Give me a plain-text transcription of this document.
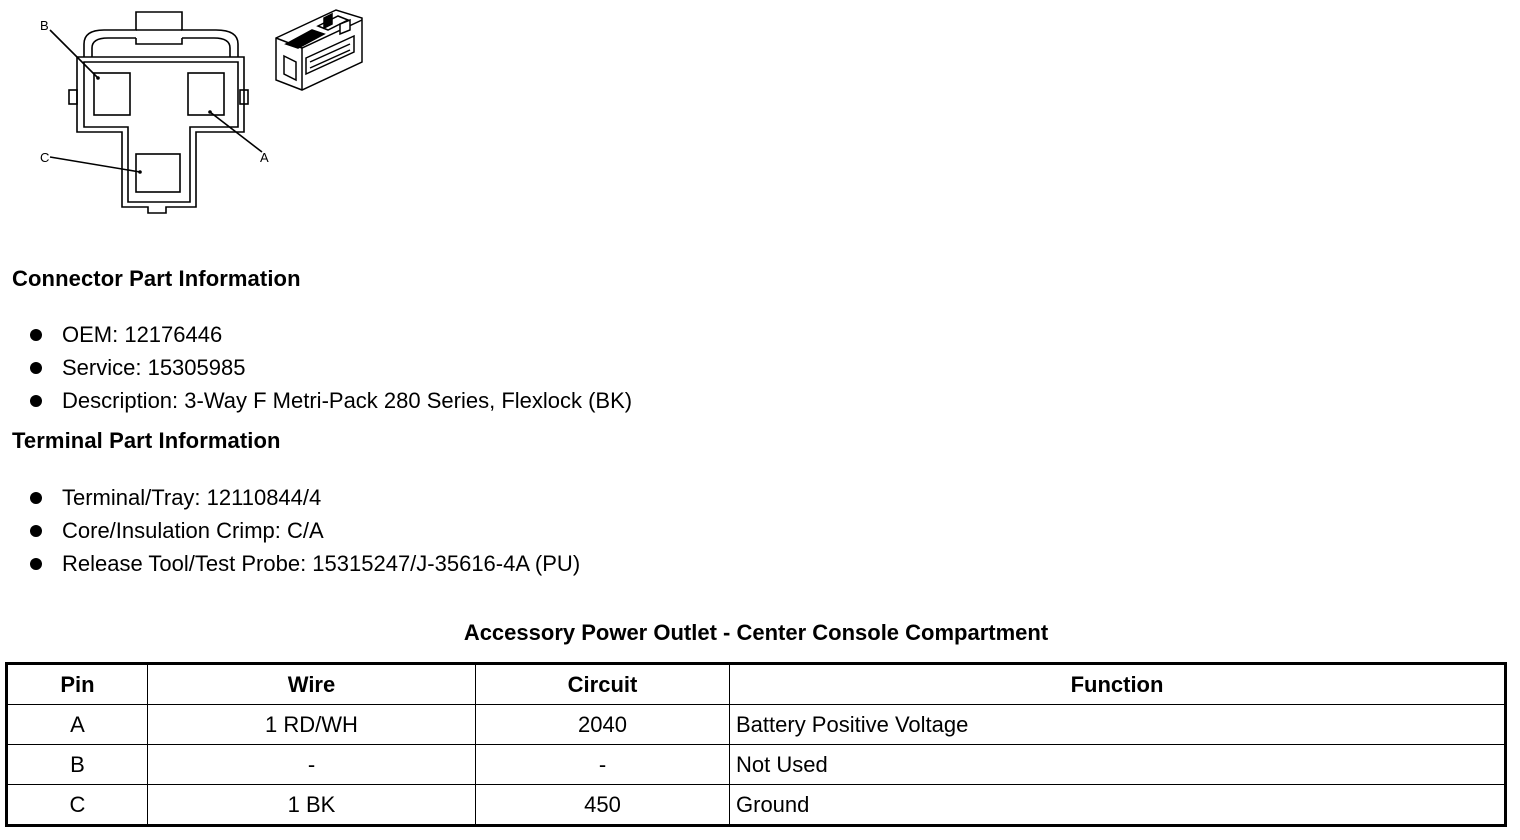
B
A
C
Connector Part Information
OEM: 12176446
Service: 15305985
Description: 3-Way F Metri-Pack 280 Series, Flexlock (BK)
Terminal Part Information
Terminal/Tray: 12110844/4
Core/Insulation Crimp: C/A
Release Tool/Test Probe: 15315247/J-35616-4A (PU)
Accessory Power Outlet - Center Console Compartment
Pin	Wire	Circuit	Function
A	1 RD/WH	2040	Battery Positive Voltage
B	-	-	Not Used
C	1 BK	450	Ground
